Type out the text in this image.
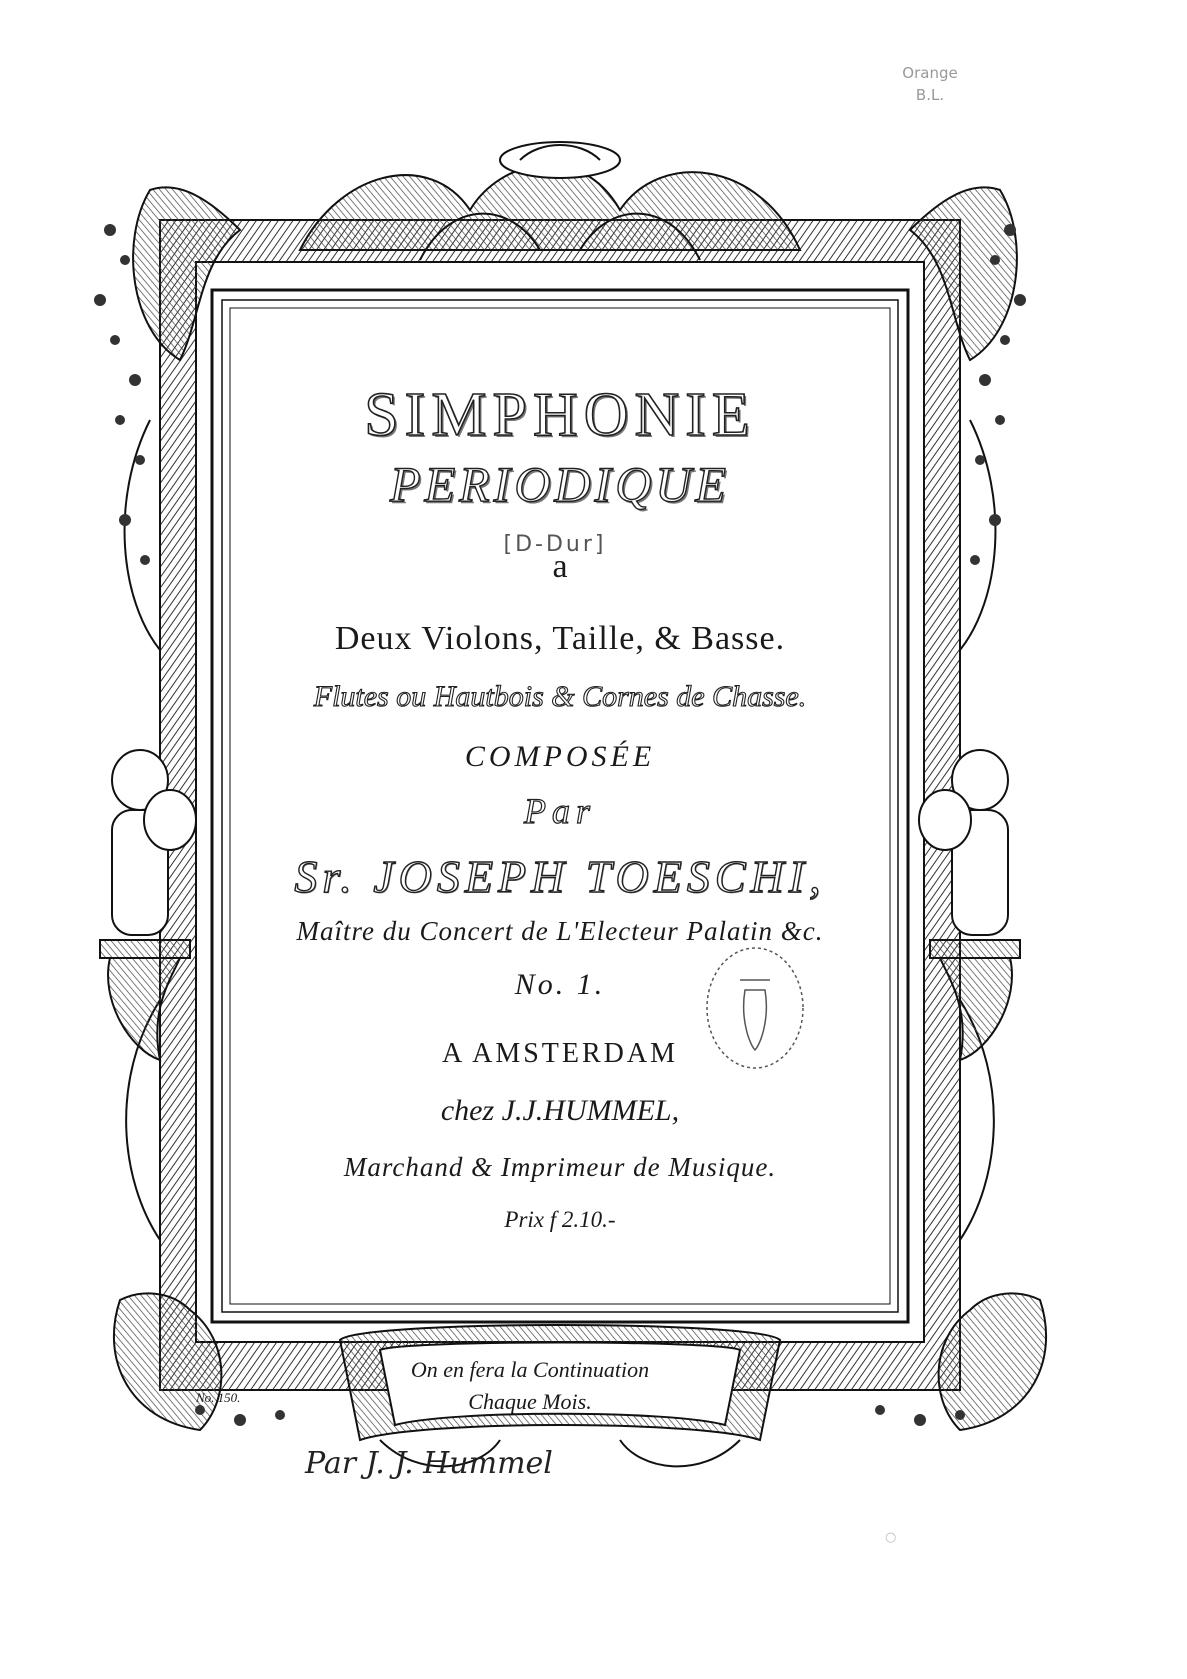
Orange
B.L.
SIMPHONIE
PERIODIQUE
[D-Dur]
a
Deux Violons, Taille, & Basse.
Flutes ou Hautbois & Cornes de Chasse.
COMPOSÉE
Par
Sr. JOSEPH TOESCHI,
Maître du Concert de L'Electeur Palatin &c.
No. 1.
A AMSTERDAM
chez J.J.HUMMEL,
Marchand & Imprimeur de Musique.
Prix f 2.10.-
On en fera la Continuation
Chaque Mois.
No. 150.
Par J. J. Hummel
○
